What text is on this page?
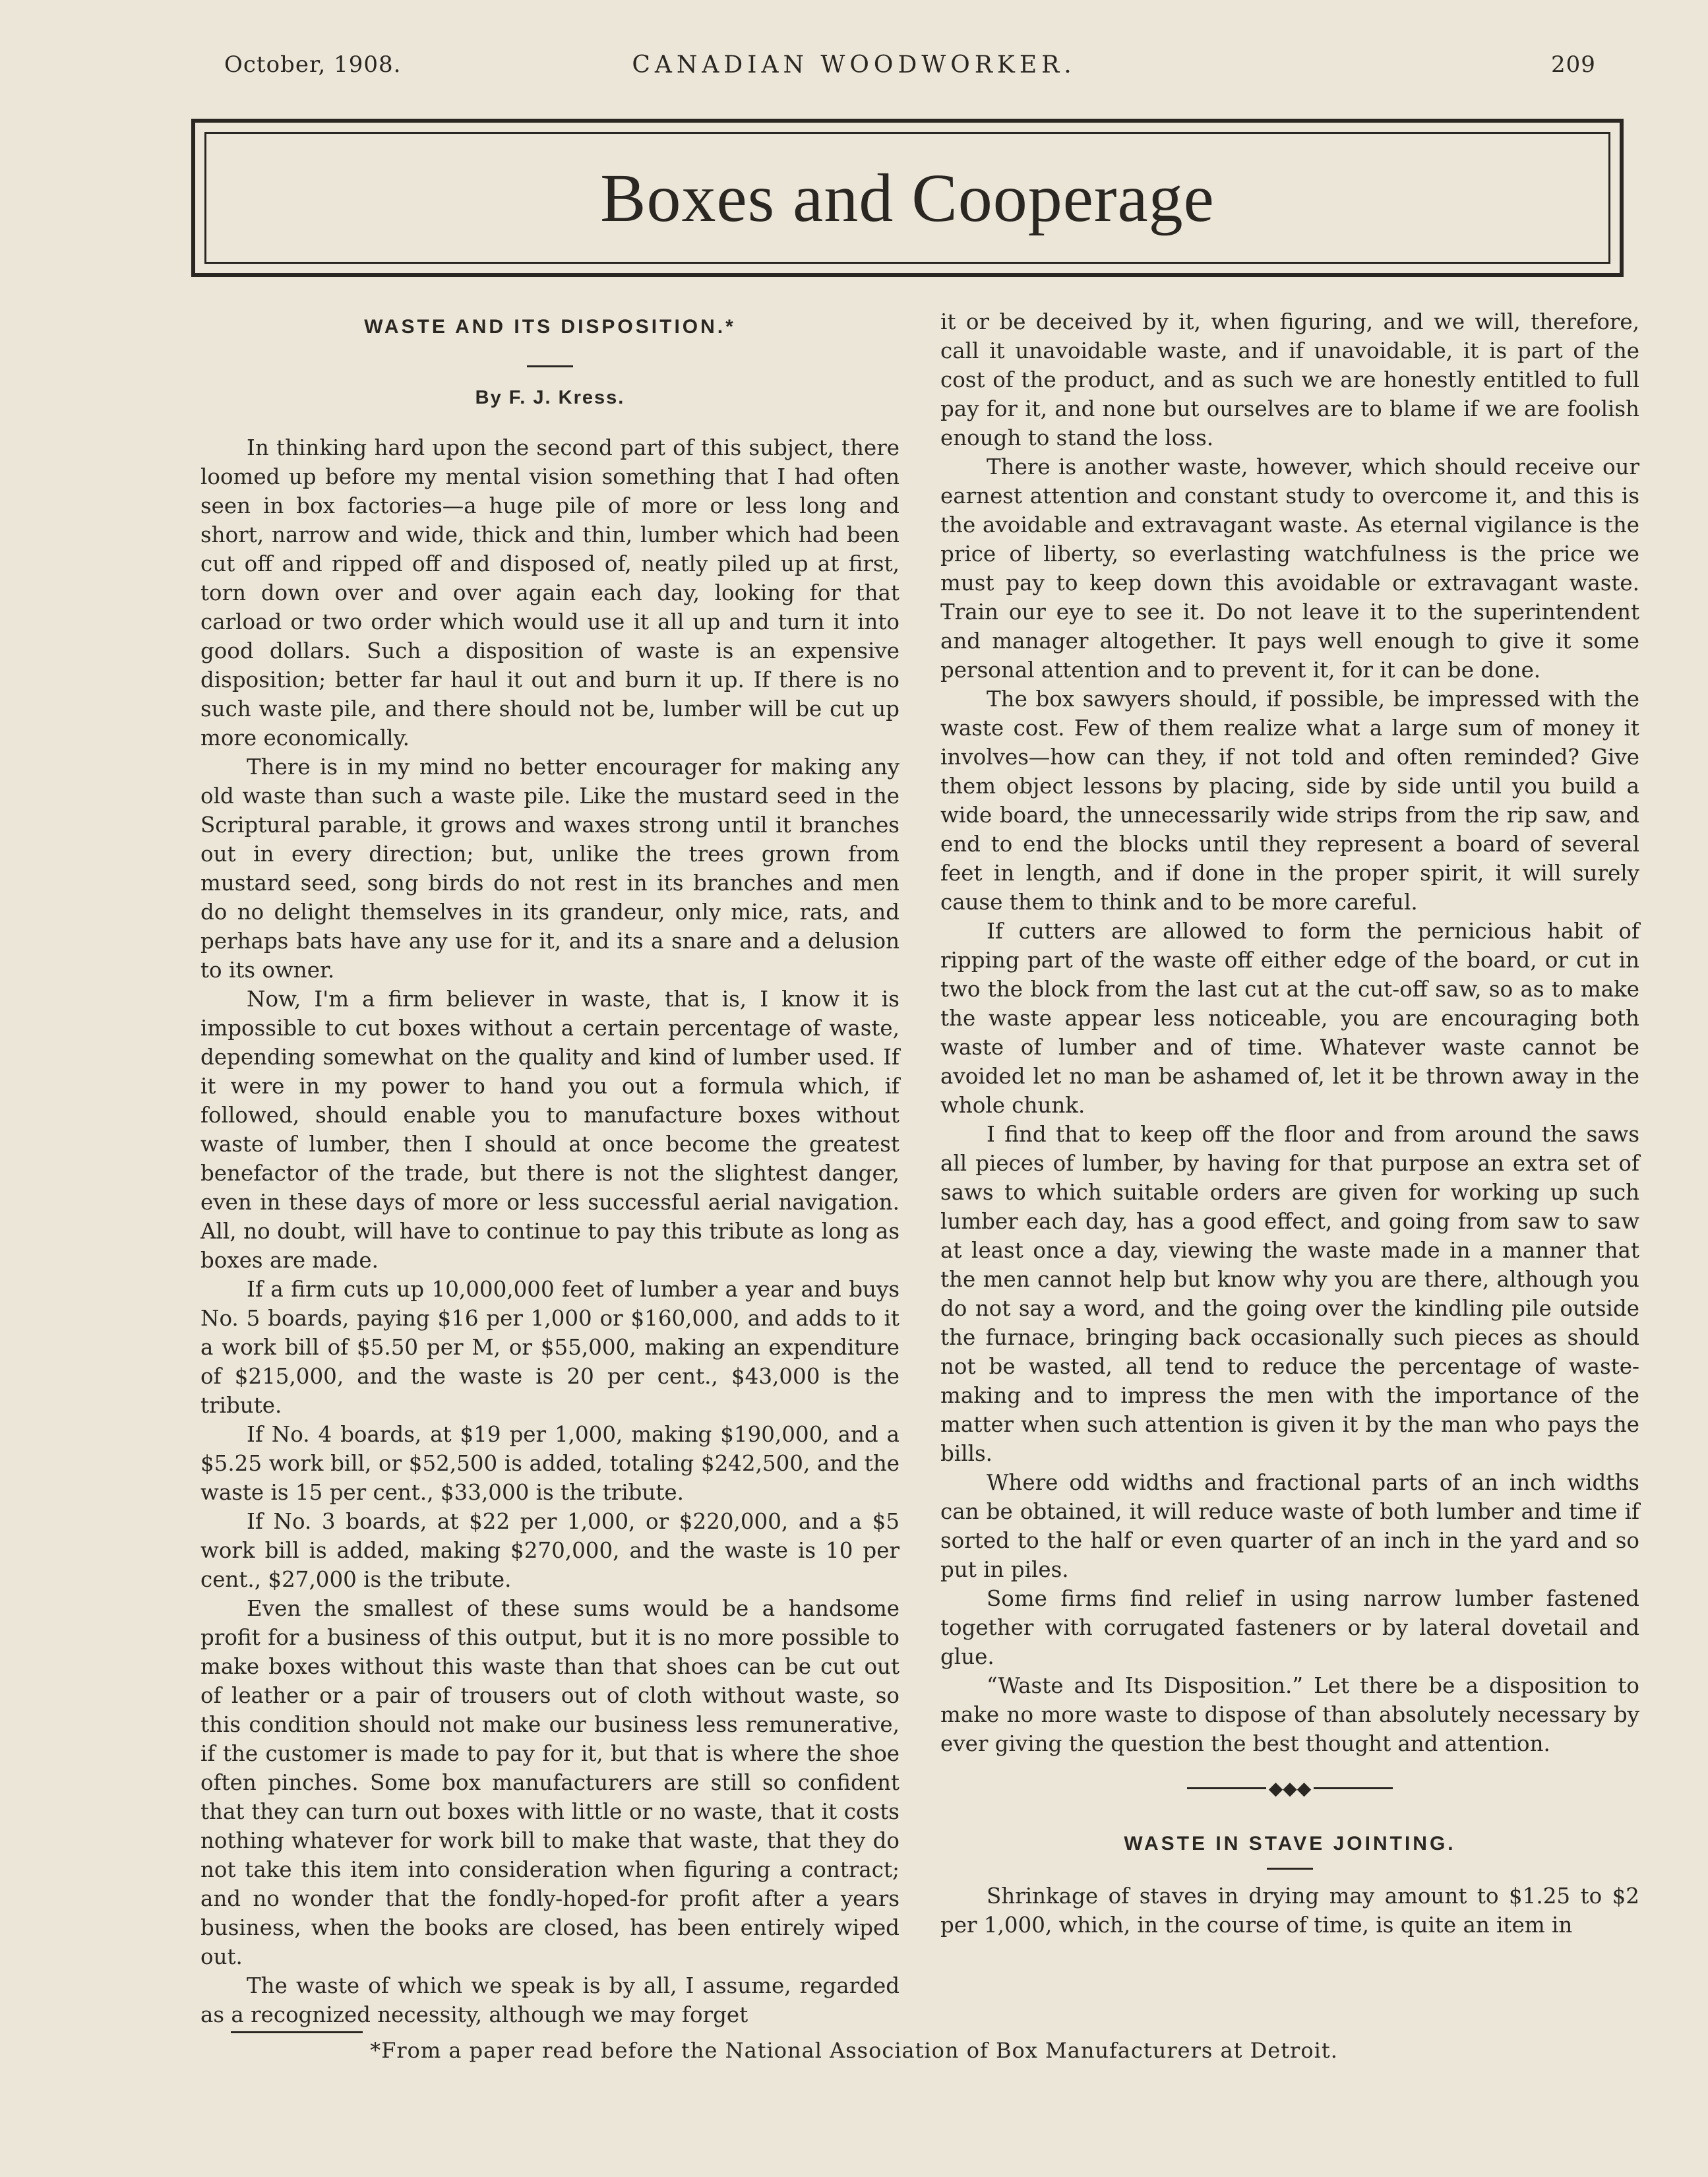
October, 1908.	CANADIAN WOODWORKER.	209
Boxes and Cooperage
WASTE AND ITS DISPOSITION.*
By F. J. Kress.

In thinking hard upon the second part of this subject, there loomed up before my mental vision something that I had often seen in box factories—a huge pile of more or less long and short, narrow and wide, thick and thin, lumber which had been cut off and ripped off and disposed of, neatly piled up at first, torn down over and over again each day, looking for that carload or two order which would use it all up and turn it into good dollars. Such a disposition of waste is an expensive disposition; better far haul it out and burn it up. If there is no such waste pile, and there should not be, lumber will be cut up more economically.

There is in my mind no better encourager for making any old waste than such a waste pile. Like the mustard seed in the Scriptural parable, it grows and waxes strong until it branches out in every direction; but, unlike the trees grown from mustard seed, song birds do not rest in its branches and men do no delight themselves in its grandeur, only mice, rats, and perhaps bats have any use for it, and its a snare and a delusion to its owner.

Now, I'm a firm believer in waste, that is, I know it is impossible to cut boxes without a certain percentage of waste, depending somewhat on the quality and kind of lumber used. If it were in my power to hand you out a formula which, if followed, should enable you to manufacture boxes without waste of lumber, then I should at once become the greatest benefactor of the trade, but there is not the slightest danger, even in these days of more or less successful aerial navigation. All, no doubt, will have to continue to pay this tribute as long as boxes are made.

If a firm cuts up 10,000,000 feet of lumber a year and buys No. 5 boards, paying $16 per 1,000 or $160,000, and adds to it a work bill of $5.50 per M, or $55,000, making an expenditure of $215,000, and the waste is 20 per cent., $43,000 is the tribute.

If No. 4 boards, at $19 per 1,000, making $190,000, and a $5.25 work bill, or $52,500 is added, totaling $242,500, and the waste is 15 per cent., $33,000 is the tribute.

If No. 3 boards, at $22 per 1,000, or $220,000, and a $5 work bill is added, making $270,000, and the waste is 10 per cent., $27,000 is the tribute.

Even the smallest of these sums would be a handsome profit for a business of this output, but it is no more possible to make boxes without this waste than that shoes can be cut out of leather or a pair of trousers out of cloth without waste, so this condition should not make our business less remunerative, if the customer is made to pay for it, but that is where the shoe often pinches. Some box manufacturers are still so confident that they can turn out boxes with little or no waste, that it costs nothing whatever for work bill to make that waste, that they do not take this item into consideration when figuring a contract; and no wonder that the fondly-hoped-for profit after a years business, when the books are closed, has been entirely wiped out.

The waste of which we speak is by all, I assume, regarded as a recognized necessity, although we may forget

it or be deceived by it, when figuring, and we will, therefore, call it unavoidable waste, and if unavoidable, it is part of the cost of the product, and as such we are honestly entitled to full pay for it, and none but ourselves are to blame if we are foolish enough to stand the loss.

There is another waste, however, which should receive our earnest attention and constant study to overcome it, and this is the avoidable and extravagant waste. As eternal vigilance is the price of liberty, so everlasting watchfulness is the price we must pay to keep down this avoidable or extravagant waste. Train our eye to see it. Do not leave it to the superintendent and manager altogether. It pays well enough to give it some personal attention and to prevent it, for it can be done.

The box sawyers should, if possible, be impressed with the waste cost. Few of them realize what a large sum of money it involves—how can they, if not told and often reminded? Give them object lessons by placing, side by side until you build a wide board, the unnecessarily wide strips from the rip saw, and end to end the blocks until they represent a board of several feet in length, and if done in the proper spirit, it will surely cause them to think and to be more careful.

If cutters are allowed to form the pernicious habit of ripping part of the waste off either edge of the board, or cut in two the block from the last cut at the cut-off saw, so as to make the waste appear less noticeable, you are encouraging both waste of lumber and of time. Whatever waste cannot be avoided let no man be ashamed of, let it be thrown away in the whole chunk.

I find that to keep off the floor and from around the saws all pieces of lumber, by having for that purpose an extra set of saws to which suitable orders are given for working up such lumber each day, has a good effect, and going from saw to saw at least once a day, viewing the waste made in a manner that the men cannot help but know why you are there, although you do not say a word, and the going over the kindling pile outside the furnace, bringing back occasionally such pieces as should not be wasted, all tend to reduce the percentage of waste-making and to impress the men with the importance of the matter when such attention is given it by the man who pays the bills.

Where odd widths and fractional parts of an inch widths can be obtained, it will reduce waste of both lumber and time if sorted to the half or even quarter of an inch in the yard and so put in piles.

Some firms find relief in using narrow lumber fastened together with corrugated fasteners or by lateral dovetail and glue.

“Waste and Its Disposition.” Let there be a disposition to make no more waste to dispose of than absolutely necessary by ever giving the question the best thought and attention.

◆◆◆
WASTE IN STAVE JOINTING.

Shrinkage of staves in drying may amount to $1.25 to $2 per 1,000, which, in the course of time, is quite an item in

*From a paper read before the National Association of Box Manufacturers at Detroit.
